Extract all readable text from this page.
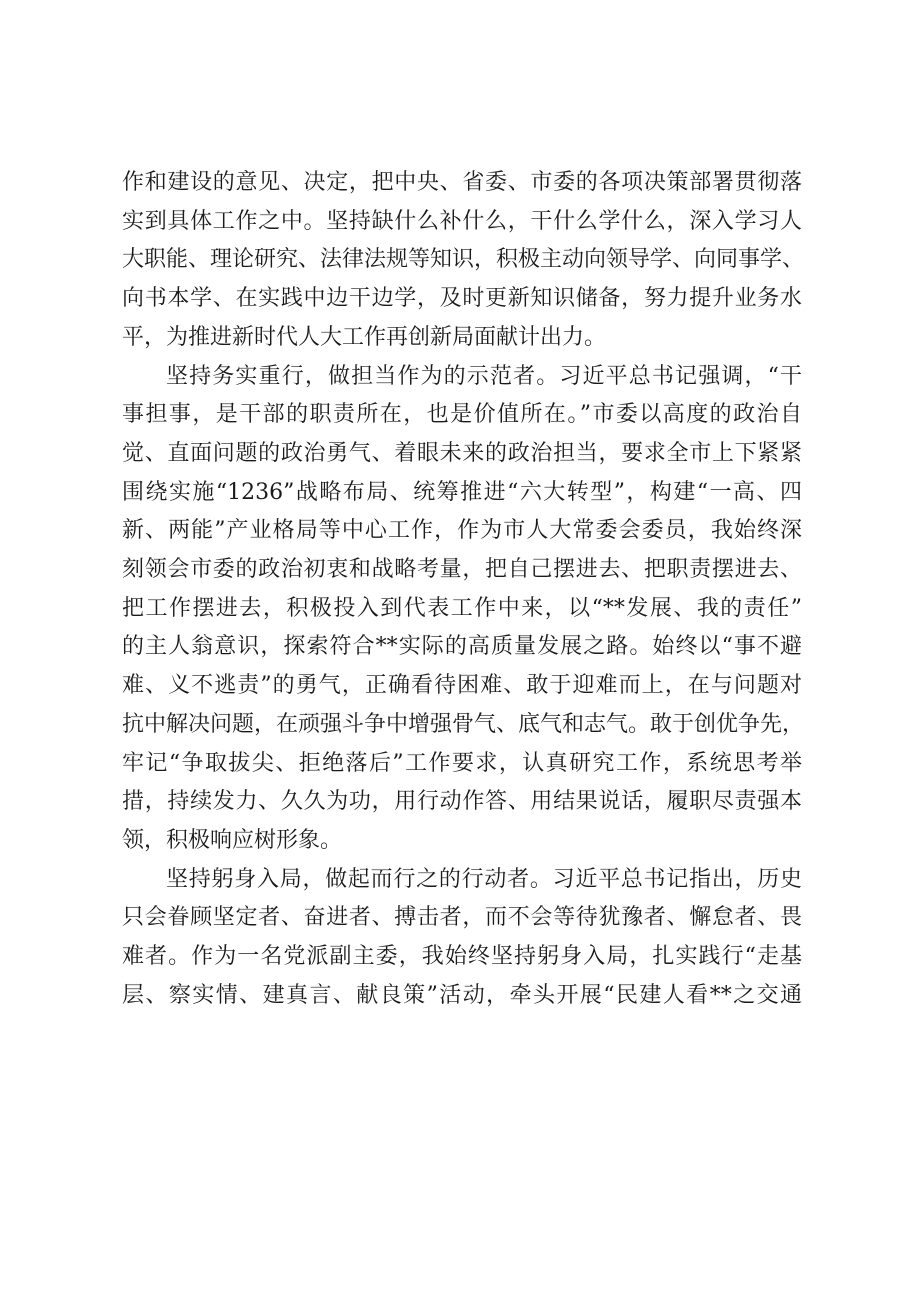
作和建设的意见、决定，把中央、省委、市委的各项决策部署贯彻落
实到具体工作之中。坚持缺什么补什么，干什么学什么，深入学习人
大职能、理论研究、法律法规等知识，积极主动向领导学、向同事学、
向书本学、在实践中边干边学，及时更新知识储备，努力提升业务水
平，为推进新时代人大工作再创新局面献计出力。

坚持务实重行，做担当作为的示范者。习近平总书记强调，“干
事担事，是干部的职责所在，也是价值所在。”市委以高度的政治自
觉、直面问题的政治勇气、着眼未来的政治担当，要求全市上下紧紧
围绕实施“1236”战略布局、统筹推进“六大转型”，构建“一高、四
新、两能”产业格局等中心工作，作为市人大常委会委员，我始终深
刻领会市委的政治初衷和战略考量，把自己摆进去、把职责摆进去、
把工作摆进去，积极投入到代表工作中来，以“**发展、我的责任”
的主人翁意识，探索符合**实际的高质量发展之路。始终以“事不避
难、义不逃责”的勇气，正确看待困难、敢于迎难而上，在与问题对
抗中解决问题，在顽强斗争中增强骨气、底气和志气。敢于创优争先，
牢记“争取拔尖、拒绝落后”工作要求，认真研究工作，系统思考举
措，持续发力、久久为功，用行动作答、用结果说话，履职尽责强本
领，积极响应树形象。

坚持躬身入局，做起而行之的行动者。习近平总书记指出，历史
只会眷顾坚定者、奋进者、搏击者，而不会等待犹豫者、懈怠者、畏
难者。作为一名党派副主委，我始终坚持躬身入局，扎实践行“走基
层、察实情、建真言、献良策”活动，牵头开展“民建人看**之交通
